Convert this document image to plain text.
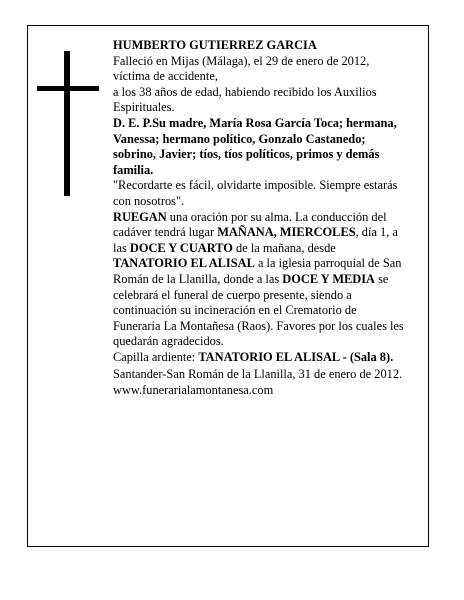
HUMBERTO GUTIERREZ GARCIA

Falleció en Mijas (Málaga), el 29 de enero de 2012,

víctima de accidente,

a los 38 años de edad, habiendo recibido los Auxilios Espirituales.

D. E. P.Su madre, María Rosa García Toca; hermana, Vanessa; hermano político, Gonzalo Castanedo; sobrino, Javier; tíos, tíos políticos, primos y demás familia.

"Recordarte es fácil, olvidarte imposible. Siempre estarás con nosotros".

RUEGAN una oración por su alma. La conducción del cadáver tendrá lugar MAÑANA, MIERCOLES, día 1, a las DOCE Y CUARTO de la mañana, desde TANATORIO EL ALISAL a la iglesia parroquial de San Román de la Llanilla, donde a las DOCE Y MEDIA se celebrará el funeral de cuerpo presente, siendo a continuación su incineración en el Crematorio de Funeraria La Montañesa (Raos). Favores por los cuales les quedarán agradecidos.

Capilla ardiente: TANATORIO EL ALISAL - (Sala 8).

Santander-San Román de la Llanilla, 31 de enero de 2012.

www.funerarialamontanesa.com
